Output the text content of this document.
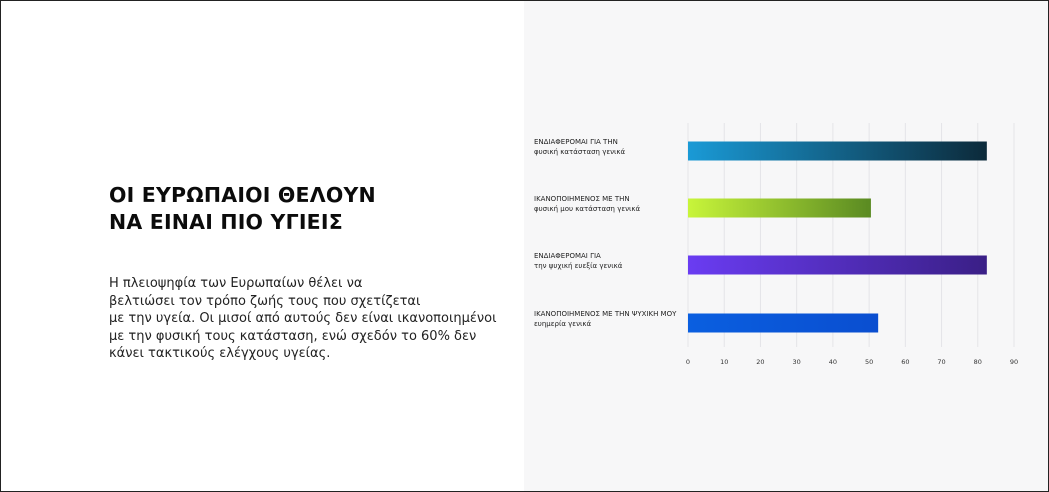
ΟΙ ΕΥΡΩΠΑΙΟΙ ΘΕΛΟΥΝ
ΝΑ ΕΙΝΑΙ ΠΙΟ ΥΓΙΕΙΣ
Η πλειοψηφία των Ευρωπαίων θέλει να
βελτιώσει τον τρόπο ζωής τους που σχετίζεται
με την υγεία. Οι μισοί από αυτούς δεν είναι ικανοποιημένοι
με την φυσική τους κατάσταση, ενώ σχεδόν το 60% δεν
κάνει τακτικούς ελέγχους υγείας.
ΕΝΔΙΑΦΕΡΟΜΑΙ ΓΙΑ ΤΗΝ
φυσική κατάσταση γενικά
ΙΚΑΝΟΠΟΙΗΜΕΝΟΣ ΜΕ ΤΗΝ
φυσική μου κατάσταση γενικά
ΕΝΔΙΑΦΕΡΟΜΑΙ ΓΙΑ
την ψυχική ευεξία γενικά
ΙΚΑΝΟΠΟΙΗΜΕΝΟΣ ΜΕ ΤΗΝ ΨΥΧΙΚΗ ΜΟΥ
ευημερία γενικά
0	10	20	30	40	50	60	70	80	90
